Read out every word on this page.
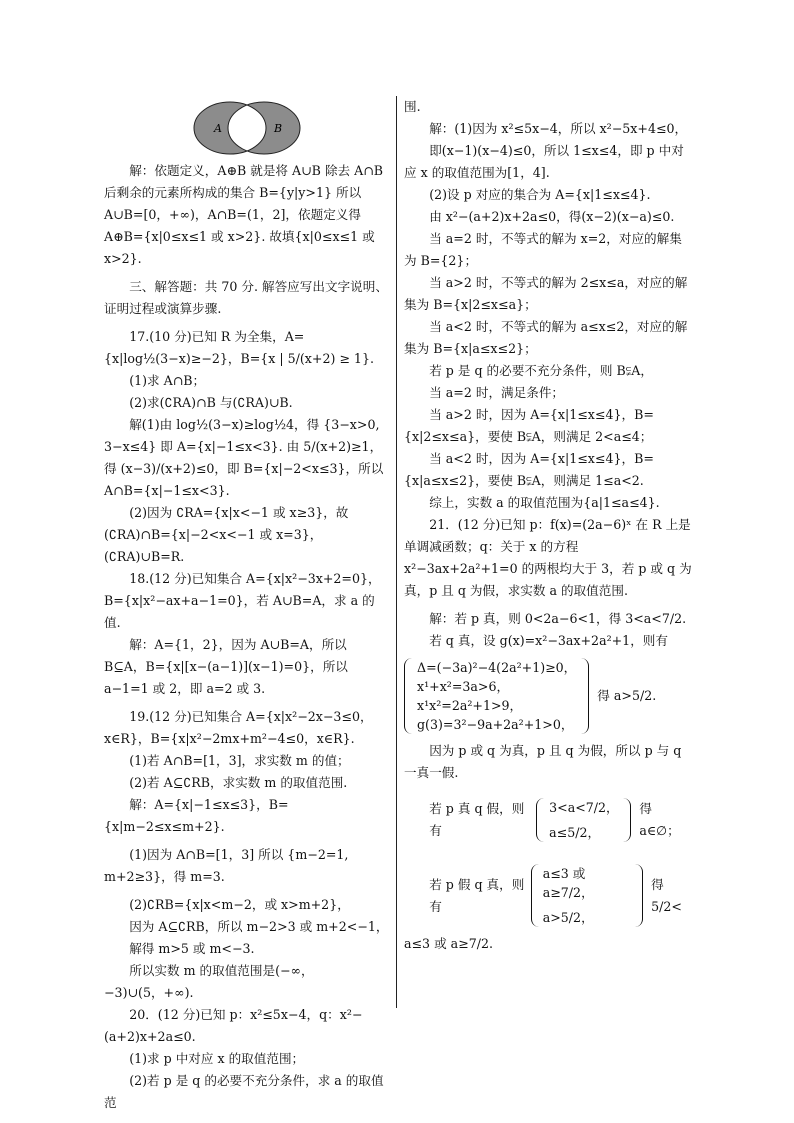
A	B

解：依题定义，A⊕B 就是将 A∪B 除去 A∩B 后剩余的元素所构成的集合 B={y|y>1} 所以 A∪B=[0，+∞)，A∩B=(1，2]，依题定义得 A⊕B={x|0≤x≤1 或 x>2}. 故填{x|0≤x≤1 或 x>2}.

三、解答题：共 70 分. 解答应写出文字说明、证明过程或演算步骤.

17.(10 分)已知 R 为全集，A={x|log½(3−x)≥−2}，B={x | 5/(x+2) ≥ 1}.

(1)求 A∩B；

(2)求(∁RA)∩B 与(∁RA)∪B.

解(1)由 log½(3−x)≥log½4，得 {3−x>0, 3−x≤4} 即 A={x|−1≤x<3}. 由 5/(x+2)≥1，得 (x−3)/(x+2)≤0，即 B={x|−2<x≤3}，所以 A∩B={x|−1≤x<3}.

(2)因为 ∁RA={x|x<−1 或 x≥3}，故(∁RA)∩B={x|−2<x<−1 或 x=3}，(∁RA)∪B=R.

18.(12 分)已知集合 A={x|x²−3x+2=0}，B={x|x²−ax+a−1=0}，若 A∪B=A，求 a 的值.

解：A={1，2}，因为 A∪B=A，所以 B⊆A，B={x|[x−(a−1)](x−1)=0}，所以 a−1=1 或 2，即 a=2 或 3.

19.(12 分)已知集合 A={x|x²−2x−3≤0，x∈R}，B={x|x²−2mx+m²−4≤0，x∈R}.

(1)若 A∩B=[1，3]，求实数 m 的值；

(2)若 A⊆∁RB，求实数 m 的取值范围.

解：A={x|−1≤x≤3}，B={x|m−2≤x≤m+2}.

(1)因为 A∩B=[1，3] 所以 {m−2=1, m+2≥3}，得 m=3.

(2)∁RB={x|x<m−2，或 x>m+2}，

因为 A⊆∁RB，所以 m−2>3 或 m+2<−1，

解得 m>5 或 m<−3.

所以实数 m 的取值范围是(−∞，−3)∪(5，+∞).

20．(12 分)已知 p：x²≤5x−4，q：x²−(a+2)x+2a≤0.

(1)求 p 中对应 x 的取值范围；

(2)若 p 是 q 的必要不充分条件，求 a 的取值范

围.

解：(1)因为 x²≤5x−4，所以 x²−5x+4≤0，

即(x−1)(x−4)≤0，所以 1≤x≤4，即 p 中对应 x 的取值范围为[1，4].

(2)设 p 对应的集合为 A={x|1≤x≤4}.

由 x²−(a+2)x+2a≤0，得(x−2)(x−a)≤0.

当 a=2 时，不等式的解为 x=2，对应的解集为 B={2}；

当 a>2 时，不等式的解为 2≤x≤a，对应的解集为 B={x|2≤x≤a}；

当 a<2 时，不等式的解为 a≤x≤2，对应的解集为 B={x|a≤x≤2}；

若 p 是 q 的必要不充分条件，则 B⫋A，

当 a=2 时，满足条件；

当 a>2 时，因为 A={x|1≤x≤4}，B={x|2≤x≤a}，要使 B⫋A，则满足 2<a≤4；

当 a<2 时，因为 A={x|1≤x≤4}，B={x|a≤x≤2}，要使 B⫋A，则满足 1≤a<2.

综上，实数 a 的取值范围为{a|1≤a≤4}.

21．(12 分)已知 p：f(x)=(2a−6)ˣ 在 R 上是单调减函数；q：关于 x 的方程 x²−3ax+2a²+1=0 的两根均大于 3，若 p 或 q 为真，p 且 q 为假，求实数 a 的取值范围.

解：若 p 真，则 0<2a−6<1，得 3<a<7/2.

若 q 真，设 g(x)=x²−3ax+2a²+1，则有

Δ=(−3a)²−4(2a²+1)≥0，

x¹+x²=3a>6，

x¹x²=2a²+1>9，

g(3)=3²−9a+2a²+1>0，

得 a>5/2.

因为 p 或 q 为真，p 且 q 为假，所以 p 与 q 一真一假.

若 p 真 q 假，则有

3<a<7/2，

a≤5/2，

得 a∈∅；
若 p 假 q 真，则有

a≤3 或 a≥7/2，

a>5/2，

得 5/2<

a≤3 或 a≥7/2.
